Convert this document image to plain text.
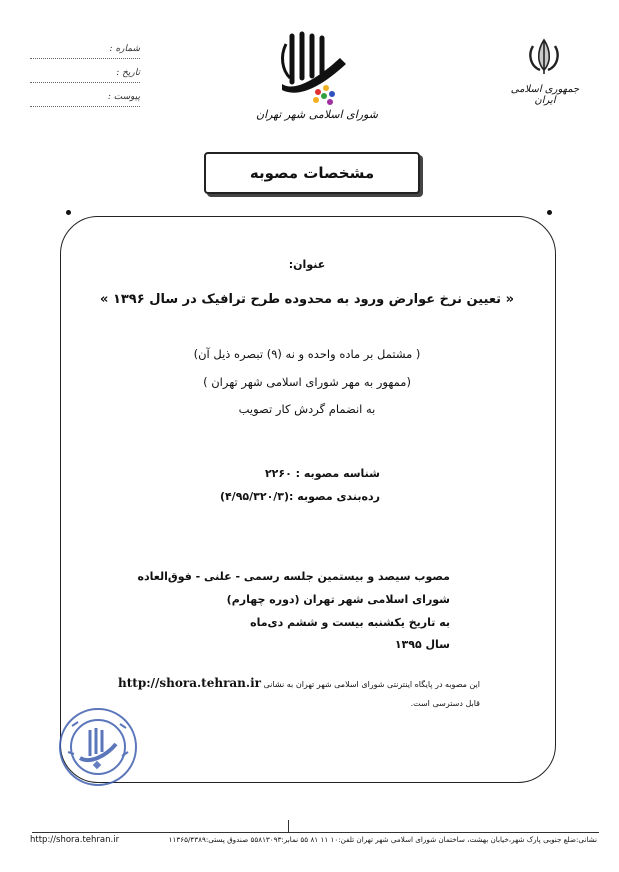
جمهوری اسلامی ایران
شورای اسلامی شهر تهران
شماره :
تاریخ :
پیوست :
مشخصات مصوبه
عنوان:
« تعیین نرخ عوارض ورود به محدوده طرح ترافیک در سال ۱۳۹۶ »
( مشتمل بر ماده واحده و نه (۹) تبصره ذیل آن)
(ممهور به مهر شورای اسلامی شهر تهران )
به انضمام گردش کار تصویب
شناسه مصوبه : ۲۲۶۰
رده‌بندی مصوبه :(۴/۹۵/۳۲۰/۳)
مصوب سیصد و بیستمین جلسه رسمی - علنی - فوق‌العاده
شورای اسلامی شهر تهران (دوره چهارم)
به تاریخ یکشنبه بیست و ششم دی‌ماه
سال ۱۳۹۵
این مصوبه در پایگاه اینترنتی شورای اسلامی شهر تهران به نشانی http://shora.tehran.ir
قابل دسترسی است.
نشانی:ضلع جنوبی پارک شهر،خیابان بهشت، ساختمان شورای اسلامی شهر تهران تلفن:۱۰ ۱۱ ۸۱ ۵۵ نمابر:۵۵۸۱۳۰۹۳ صندوق پستی:۱۱۳۶۵/۴۳۸۹
http://shora.tehran.ir
